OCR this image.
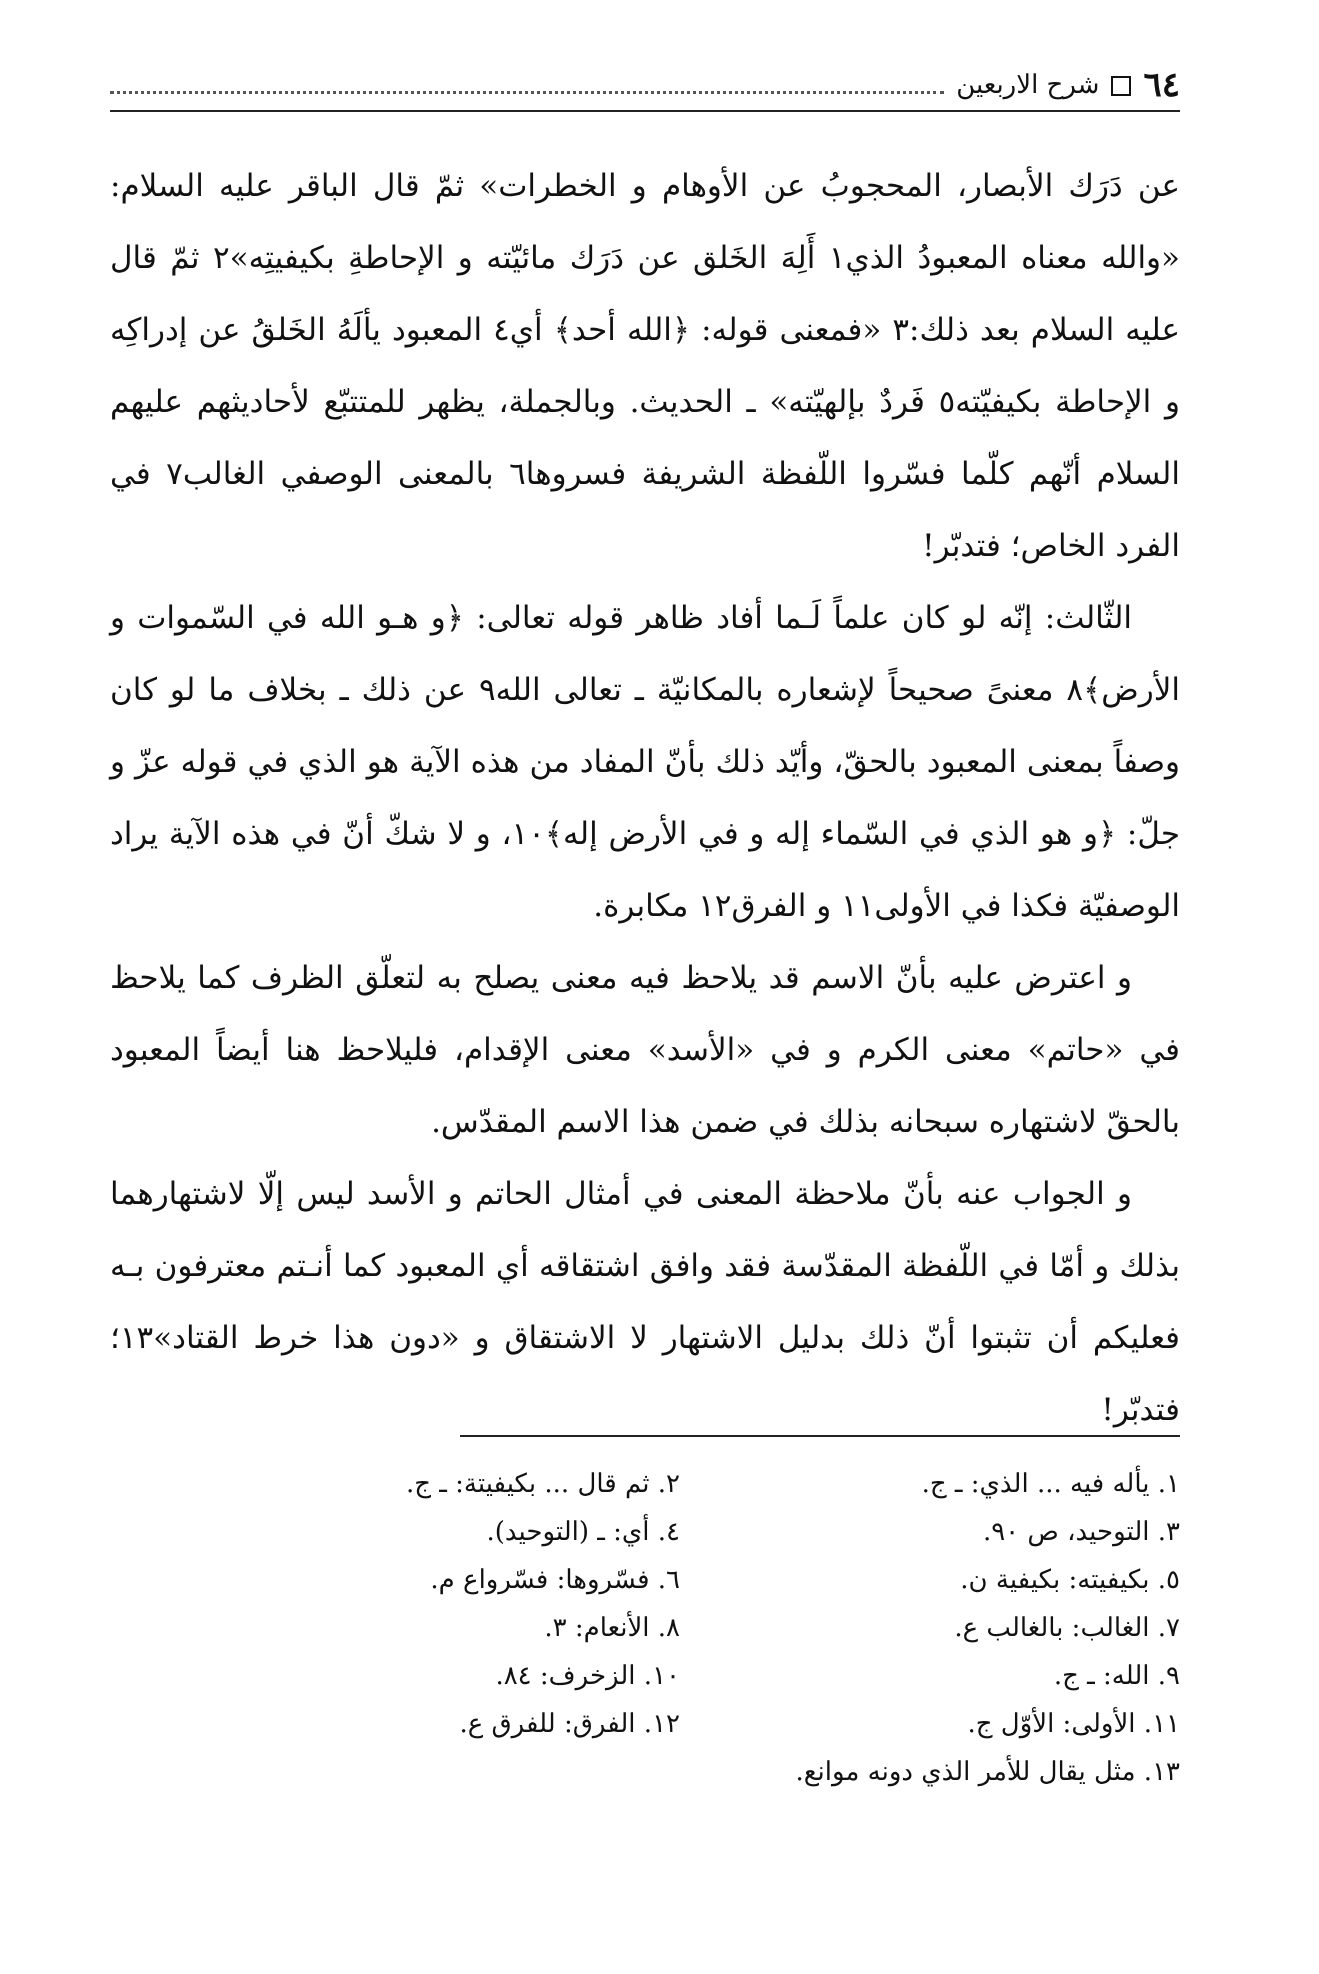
٦٤
شرح الاربعين

عن دَرَك الأبصار، المحجوبُ عن الأوهام و الخطرات» ثمّ قال الباقر عليه السلام: «والله معناه المعبودُ الذي١ أَلِهَ الخَلق عن دَرَك مائيّته و الإحاطةِ بكيفيتِه»٢ ثمّ قال عليه السلام بعد ذلك:٣ «فمعنى قوله: ﴿الله أحد﴾ أي٤ المعبود يألَهُ الخَلقُ عن إدراكِه و الإحاطة بكيفيّته٥ فَردٌ بإلهيّته» ـ الحديث. وبالجملة، يظهر للمتتبّع لأحاديثهم عليهم السلام أنّهم كلّما فسّروا اللّفظة الشريفة فسروها٦ بالمعنى الوصفي الغالب٧ في الفرد الخاص؛ فتدبّر!

الثّالث: إنّه لو كان علماً لَـما أفاد ظاهر قوله تعالى: ﴿و هـو الله في السّموات و الأرض﴾٨ معنىً صحيحاً لإشعاره بالمكانيّة ـ تعالى الله٩ عن ذلك ـ بخلاف ما لو كان وصفاً بمعنى المعبود بالحقّ، وأيّد ذلك بأنّ المفاد من هذه الآية هو الذي في قوله عزّ و جلّ: ﴿و هو الذي في السّماء إله و في الأرض إله﴾١٠، و لا شكّ أنّ في هذه الآية يراد الوصفيّة فكذا في الأولى١١ و الفرق١٢ مكابرة.

و اعترض عليه بأنّ الاسم قد يلاحظ فيه معنى يصلح به لتعلّق الظرف كما يلاحظ في «حاتم» معنى الكرم و في «الأسد» معنى الإقدام، فليلاحظ هنا أيضاً المعبود بالحقّ لاشتهاره سبحانه بذلك في ضمن هذا الاسم المقدّس.

و الجواب عنه بأنّ ملاحظة المعنى في أمثال الحاتم و الأسد ليس إلّا لاشتهارهما بذلك و أمّا في اللّفظة المقدّسة فقد وافق اشتقاقه أي المعبود كما أنـتم معترفون بـه فعليكم أن تثبتوا أنّ ذلك بدليل الاشتهار لا الاشتقاق و «دون هذا خرط القتاد»١٣؛ فتدبّر!

١. يأله فيه ... الذي: ـ ج.
٢. ثم قال ... بكيفيتة: ـ ج.
٣. التوحيد، ص ٩٠.
٤. أي: ـ (التوحيد).
٥. بكيفيته: بكيفية ن.
٦. فسّروها: فسّرواع م.
٧. الغالب: بالغالب ع.
٨. الأنعام: ٣.
٩. الله: ـ ج.
١٠. الزخرف: ٨٤.
١١. الأولى: الأوّل ج.
١٢. الفرق: للفرق ع.
١٣. مثل يقال للأمر الذي دونه موانع.
